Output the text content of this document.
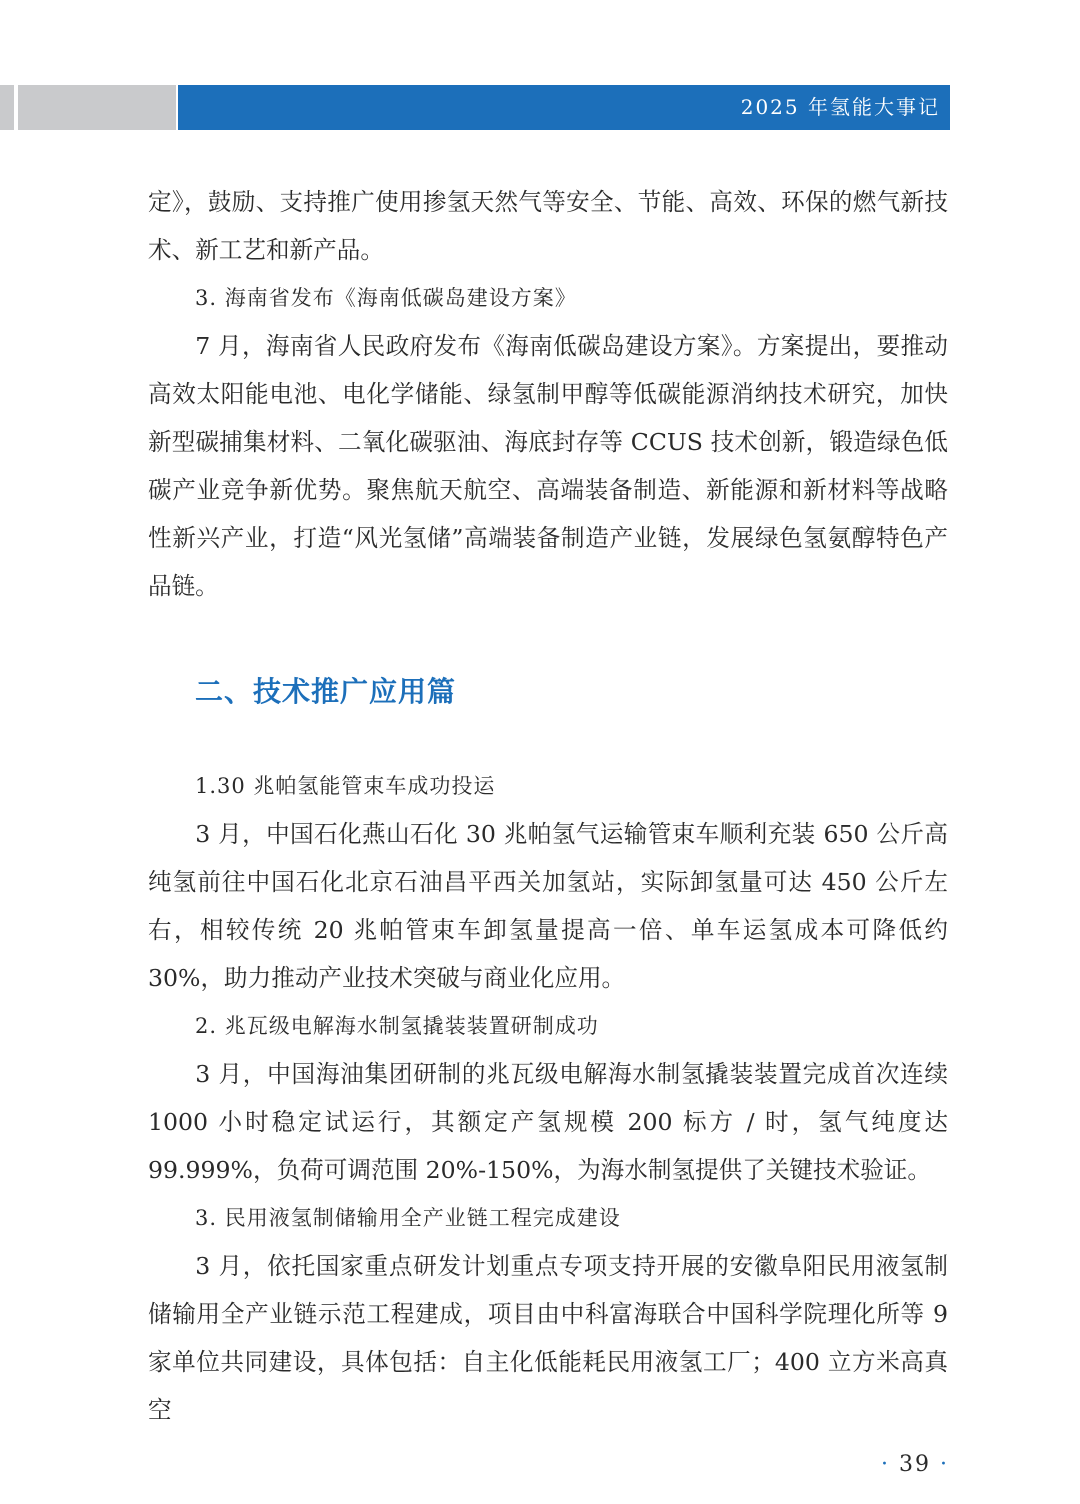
2025 年氢能大事记

定》，鼓励、支持推广使用掺氢天然气等安全、节能、高效、环保的燃气新技术、新工艺和新产品。

3. 海南省发布《海南低碳岛建设方案》

7 月，海南省人民政府发布《海南低碳岛建设方案》。方案提出，要推动高效太阳能电池、电化学储能、绿氢制甲醇等低碳能源消纳技术研究，加快新型碳捕集材料、二氧化碳驱油、海底封存等 CCUS 技术创新，锻造绿色低碳产业竞争新优势。聚焦航天航空、高端装备制造、新能源和新材料等战略性新兴产业，打造“风光氢储”高端装备制造产业链，发展绿色氢氨醇特色产品链。

二、技术推广应用篇

1.30 兆帕氢能管束车成功投运

3 月，中国石化燕山石化 30 兆帕氢气运输管束车顺利充装 650 公斤高纯氢前往中国石化北京石油昌平西关加氢站，实际卸氢量可达 450 公斤左右，相较传统 20 兆帕管束车卸氢量提高一倍、单车运氢成本可降低约 30%，助力推动产业技术突破与商业化应用。

2. 兆瓦级电解海水制氢撬装装置研制成功

3 月，中国海油集团研制的兆瓦级电解海水制氢撬装装置完成首次连续 1000 小时稳定试运行，其额定产氢规模 200 标方 / 时，氢气纯度达 99.999%，负荷可调范围 20%-150%，为海水制氢提供了关键技术验证。

3. 民用液氢制储输用全产业链工程完成建设

3 月，依托国家重点研发计划重点专项支持开展的安徽阜阳民用液氢制储输用全产业链示范工程建成，项目由中科富海联合中国科学院理化所等 9 家单位共同建设，具体包括：自主化低能耗民用液氢工厂；400 立方米高真空

· 39 ·
